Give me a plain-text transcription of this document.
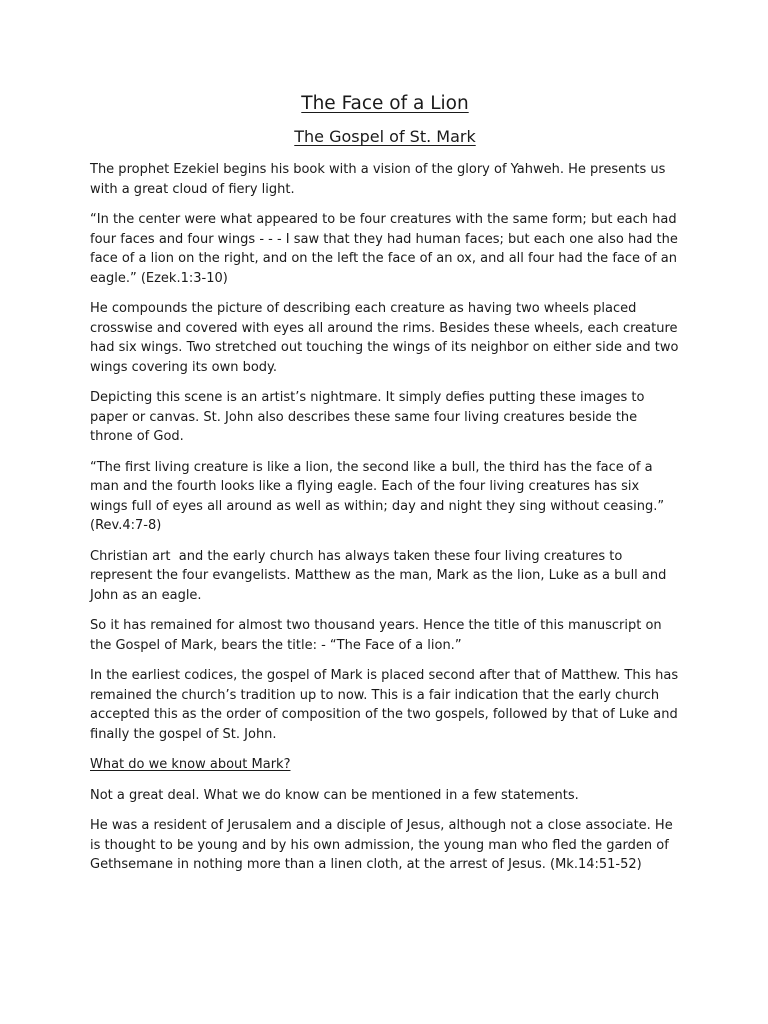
The Face of a Lion
The Gospel of St. Mark

The prophet Ezekiel begins his book with a vision of the glory of Yahweh. He presents us with a great cloud of fiery light.

“In the center were what appeared to be four creatures with the same form; but each had four faces and four wings - - - I saw that they had human faces; but each one also had the face of a lion on the right, and on the left the face of an ox, and all four had the face of an eagle.” (Ezek.1:3-10)

He compounds the picture of describing each creature as having two wheels placed crosswise and covered with eyes all around the rims. Besides these wheels, each creature had six wings. Two stretched out touching the wings of its neighbor on either side and two wings covering its own body.

Depicting this scene is an artist’s nightmare. It simply defies putting these images to paper or canvas. St. John also describes these same four living creatures beside the throne of God.

“The first living creature is like a lion, the second like a bull, the third has the face of a man and the fourth looks like a flying eagle. Each of the four living creatures has six wings full of eyes all around as well as within; day and night they sing without ceasing.” (Rev.4:7-8)

Christian art  and the early church has always taken these four living creatures to represent the four evangelists. Matthew as the man, Mark as the lion, Luke as a bull and John as an eagle.

So it has remained for almost two thousand years. Hence the title of this manuscript on the Gospel of Mark, bears the title: - “The Face of a lion.”

In the earliest codices, the gospel of Mark is placed second after that of Matthew. This has remained the church’s tradition up to now. This is a fair indication that the early church accepted this as the order of composition of the two gospels, followed by that of Luke and finally the gospel of St. John.

What do we know about Mark?

Not a great deal. What we do know can be mentioned in a few statements.

He was a resident of Jerusalem and a disciple of Jesus, although not a close associate. He is thought to be young and by his own admission, the young man who fled the garden of Gethsemane in nothing more than a linen cloth, at the arrest of Jesus. (Mk.14:51-52)
